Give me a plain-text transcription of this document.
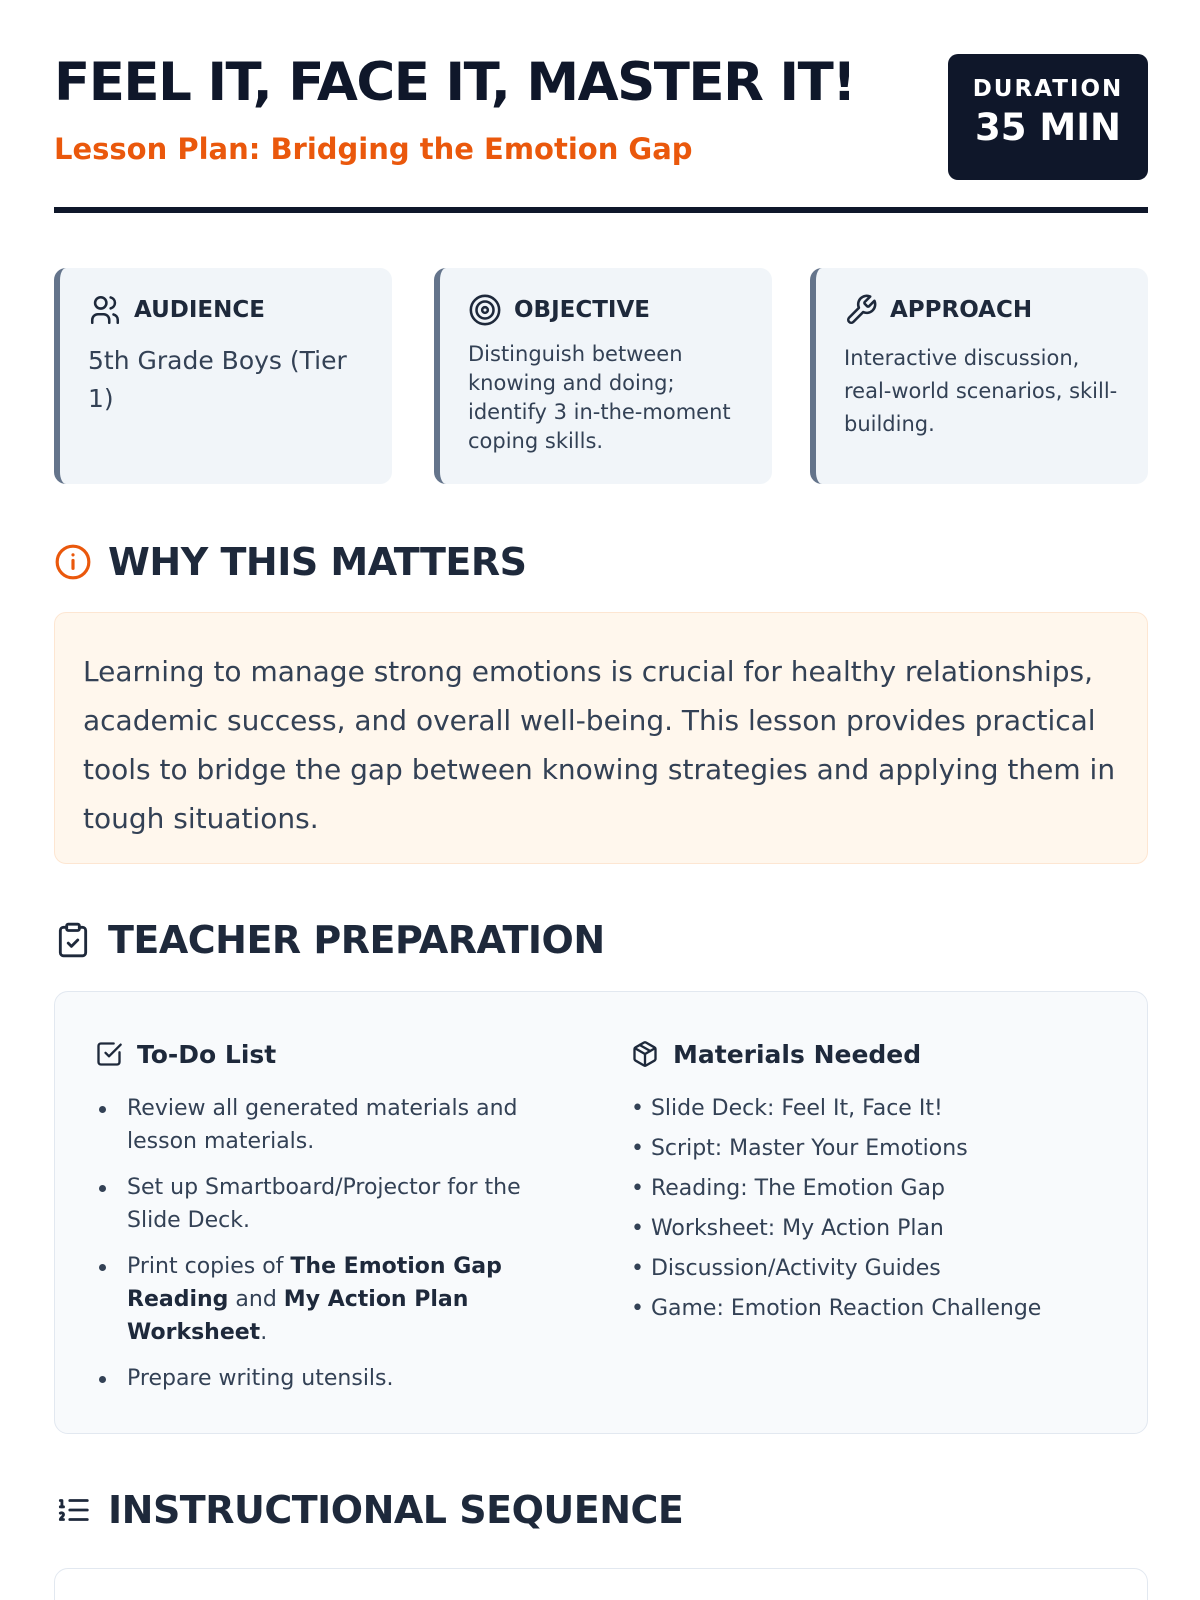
FEEL IT, FACE IT, MASTER IT!
Lesson Plan: Bridging the Emotion Gap
DURATION
35 MIN
AUDIENCE
5th Grade Boys (Tier 1)
OBJECTIVE
Distinguish between knowing and doing; identify 3 in-the-moment coping skills.
APPROACH
Interactive discussion, real-world scenarios, skill-building.
WHY THIS MATTERS
Learning to manage strong emotions is crucial for healthy relationships, academic success, and overall well-being. This lesson provides practical tools to bridge the gap between knowing strategies and applying them in tough situations.
TEACHER PREPARATION
To-Do List
Review all generated materials and lesson materials.
Set up Smartboard/Projector for the Slide Deck.
Print copies of The Emotion Gap Reading and My Action Plan Worksheet.
Prepare writing utensils.
Materials Needed
• Slide Deck: Feel It, Face It!
• Script: Master Your Emotions
• Reading: The Emotion Gap
• Worksheet: My Action Plan
• Discussion/Activity Guides
• Game: Emotion Reaction Challenge
INSTRUCTIONAL SEQUENCE
